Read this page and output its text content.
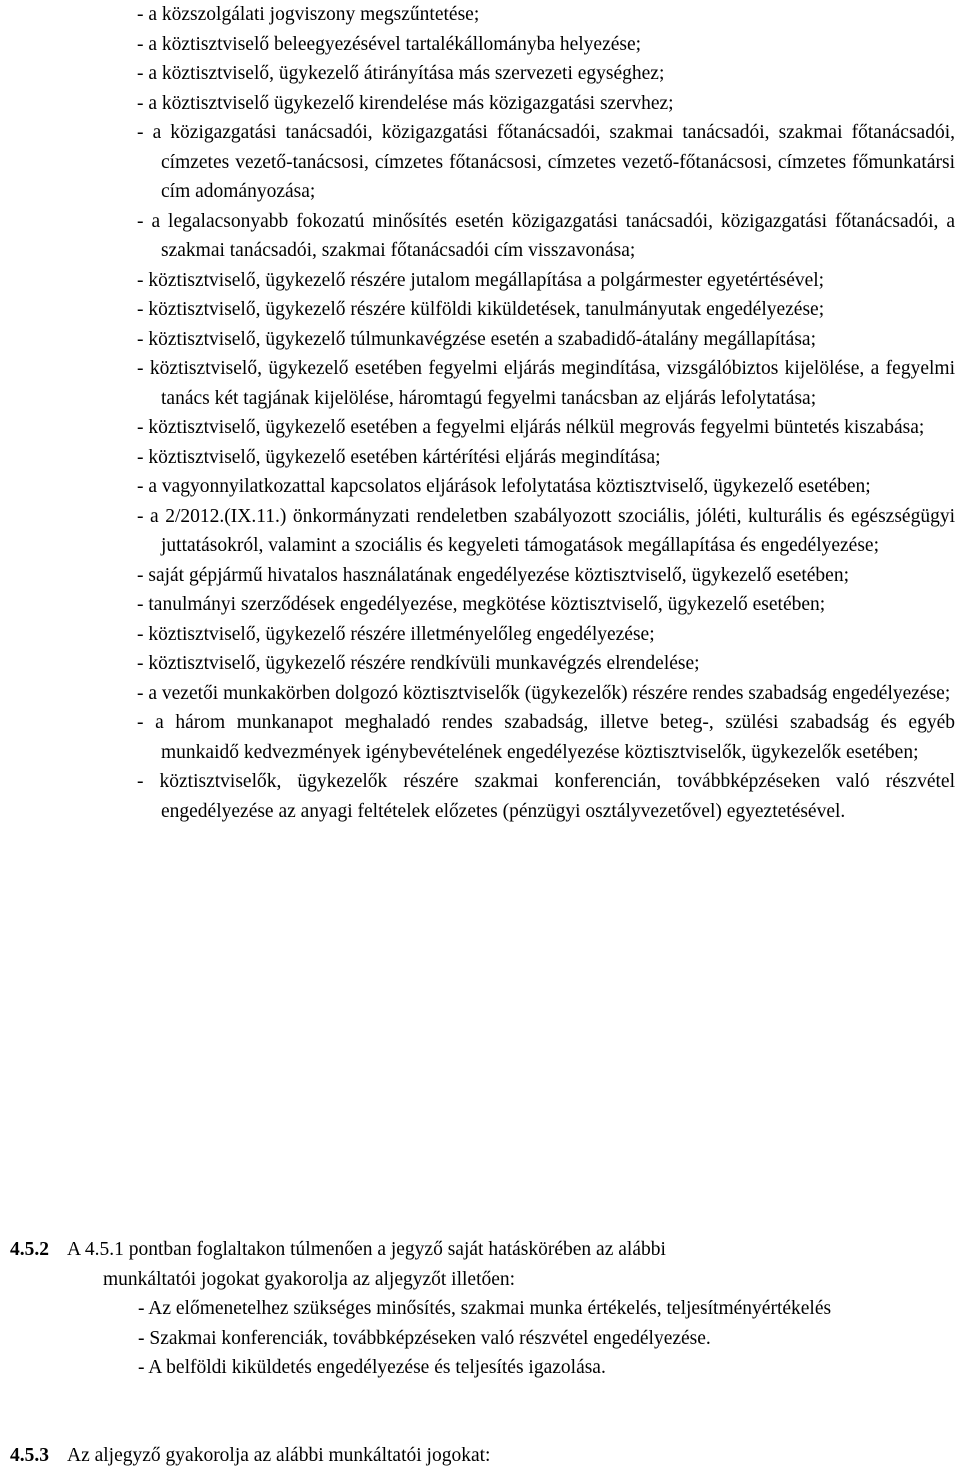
- a közszolgálati jogviszony megszűntetése;
- a köztisztviselő beleegyezésével tartalékállományba helyezése;
- a köztisztviselő, ügykezelő átirányítása más szervezeti egységhez;
- a köztisztviselő ügykezelő kirendelése más közigazgatási szervhez;
- a közigazgatási tanácsadói, közigazgatási főtanácsadói, szakmai tanácsadói, szakmai főtanácsadói, címzetes vezető-tanácsosi, címzetes főtanácsosi, címzetes vezető-főtanácsosi, címzetes főmunkatársi cím adományozása;
- a legalacsonyabb fokozatú minősítés esetén közigazgatási tanácsadói, közigazgatási főtanácsadói, a szakmai tanácsadói, szakmai főtanácsadói cím visszavonása;
- köztisztviselő, ügykezelő részére jutalom megállapítása a polgármester egyetértésével;
- köztisztviselő, ügykezelő részére külföldi kiküldetések, tanulmányutak engedélyezése;
- köztisztviselő, ügykezelő túlmunkavégzése esetén a szabadidő-átalány megállapítása;
- köztisztviselő, ügykezelő esetében fegyelmi eljárás megindítása, vizsgálóbiztos kijelölése, a fegyelmi tanács két tagjának kijelölése, háromtagú fegyelmi tanácsban az eljárás lefolytatása;
- köztisztviselő, ügykezelő esetében a fegyelmi eljárás nélkül megrovás fegyelmi büntetés kiszabása;
- köztisztviselő, ügykezelő esetében kártérítési eljárás megindítása;
- a vagyonnyilatkozattal kapcsolatos eljárások lefolytatása köztisztviselő, ügykezelő esetében;
- a 2/2012.(IX.11.) önkormányzati rendeletben szabályozott szociális, jóléti, kulturális és egészségügyi juttatásokról, valamint a szociális és kegyeleti támogatások megállapítása és engedélyezése;
- saját gépjármű hivatalos használatának engedélyezése köztisztviselő, ügykezelő esetében;
- tanulmányi szerződések engedélyezése, megkötése köztisztviselő, ügykezelő esetében;
- köztisztviselő, ügykezelő részére illetményelőleg engedélyezése;
- köztisztviselő, ügykezelő részére rendkívüli munkavégzés elrendelése;
- a vezetői munkakörben dolgozó köztisztviselők (ügykezelők) részére rendes szabadság engedélyezése;
- a három munkanapot meghaladó rendes szabadság, illetve beteg-, szülési szabadság és egyéb munkaidő kedvezmények igénybevételének engedélyezése köztisztviselők, ügykezelők esetében;
- köztisztviselők, ügykezelők részére szakmai konferencián, továbbképzéseken való részvétel engedélyezése az anyagi feltételek előzetes (pénzügyi osztályvezetővel) egyeztetésével.
4.5.2 A 4.5.1 pontban foglaltakon túlmenően a jegyző saját hatáskörében az alábbi
munkáltatói jogokat gyakorolja az aljegyzőt illetően:
- Az előmenetelhez szükséges minősítés, szakmai munka értékelés, teljesítményértékelés
- Szakmai konferenciák, továbbképzéseken való részvétel engedélyezése.
- A belföldi kiküldetés engedélyezése és teljesítés igazolása.
4.5.3 Az aljegyző gyakorolja az alábbi munkáltatói jogokat:
